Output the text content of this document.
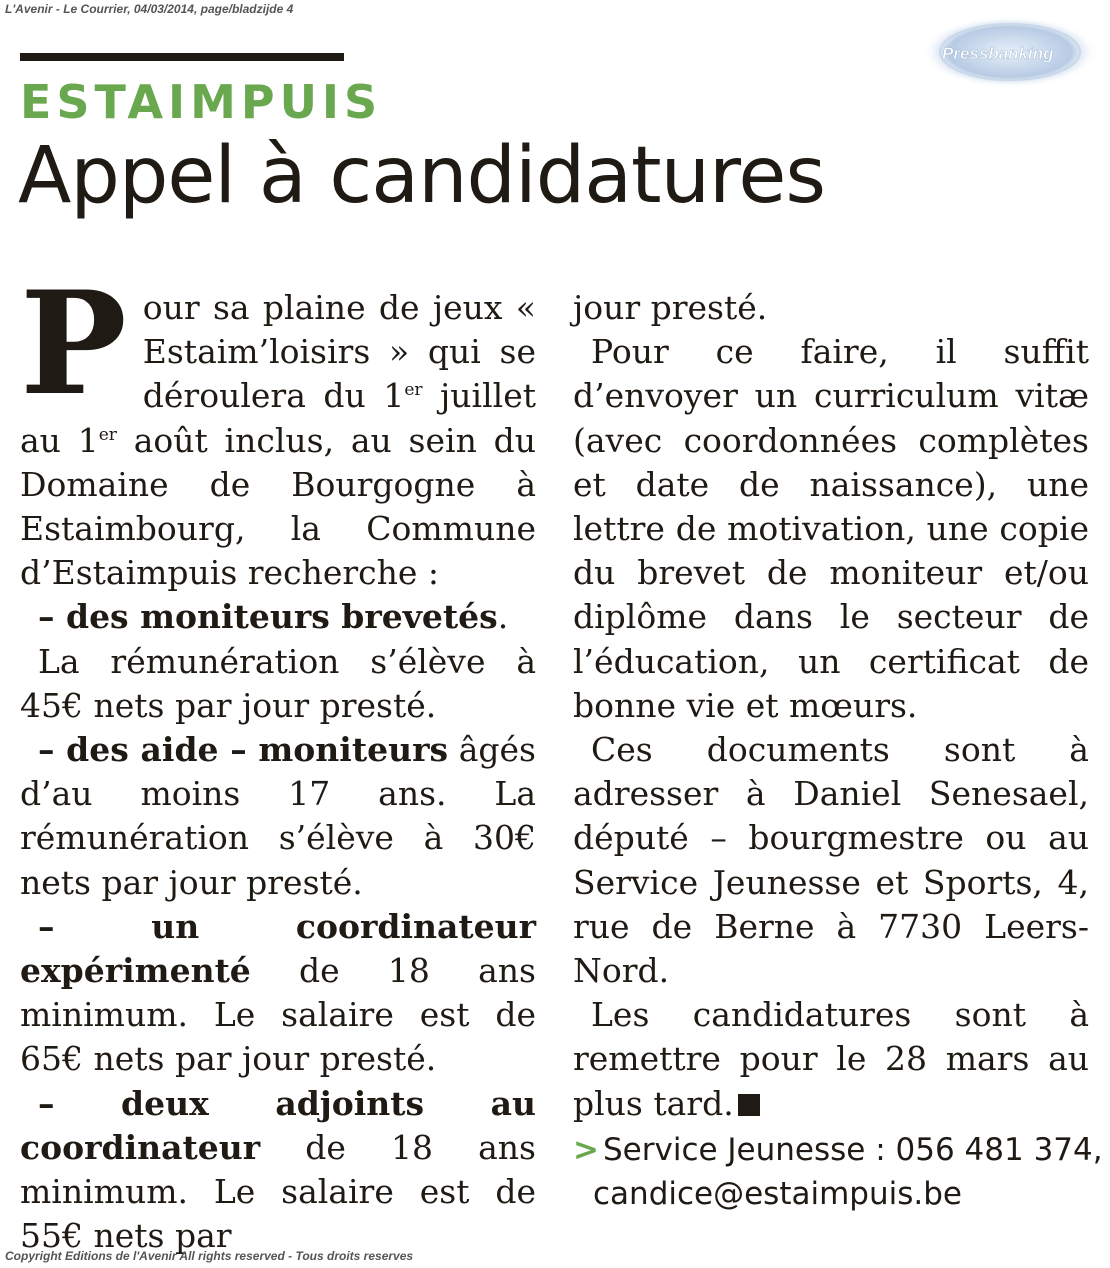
L'Avenir - Le Courrier, 04/03/2014, page/bladzijde 4
Pressbanking
ESTAIMPUIS
Appel à candidatures

Pour sa plaine de jeux « Estaim’loisirs » qui se déroulera du 1er juillet au 1er août inclus, au sein du Domaine de Bourgogne à Estaimbourg, la Commune d’Estaimpuis recherche :

– des moniteurs brevetés.

La rémunération s’élève à 45€ nets par jour presté.

– des aide – moniteurs âgés d’au moins 17 ans. La rémunération s’élève à 30€ nets par jour presté.

– un coordinateur expérimenté de 18 ans minimum. Le salaire est de 65€ nets par jour presté.

– deux adjoints au coordinateur de 18 ans minimum. Le salaire est de 55€ nets par

jour presté.

Pour ce faire, il suffit d’envoyer un curriculum vitæ (avec coordonnées complètes et date de naissance), une lettre de motivation, une copie du brevet de moniteur et/ou diplôme dans le secteur de l’éducation, un certificat de bonne vie et mœurs.

Ces documents sont à adresser à Daniel Senesael, député – bourgmestre ou au Service Jeunesse et Sports, 4, rue de Berne à 7730 Leers-Nord.

Les candidatures sont à remettre pour le 28 mars au plus tard.

> Service Jeunesse : 056 481 374,
candice@estaimpuis.be
Copyright Editions de l'Avenir All rights reserved - Tous droits reserves
